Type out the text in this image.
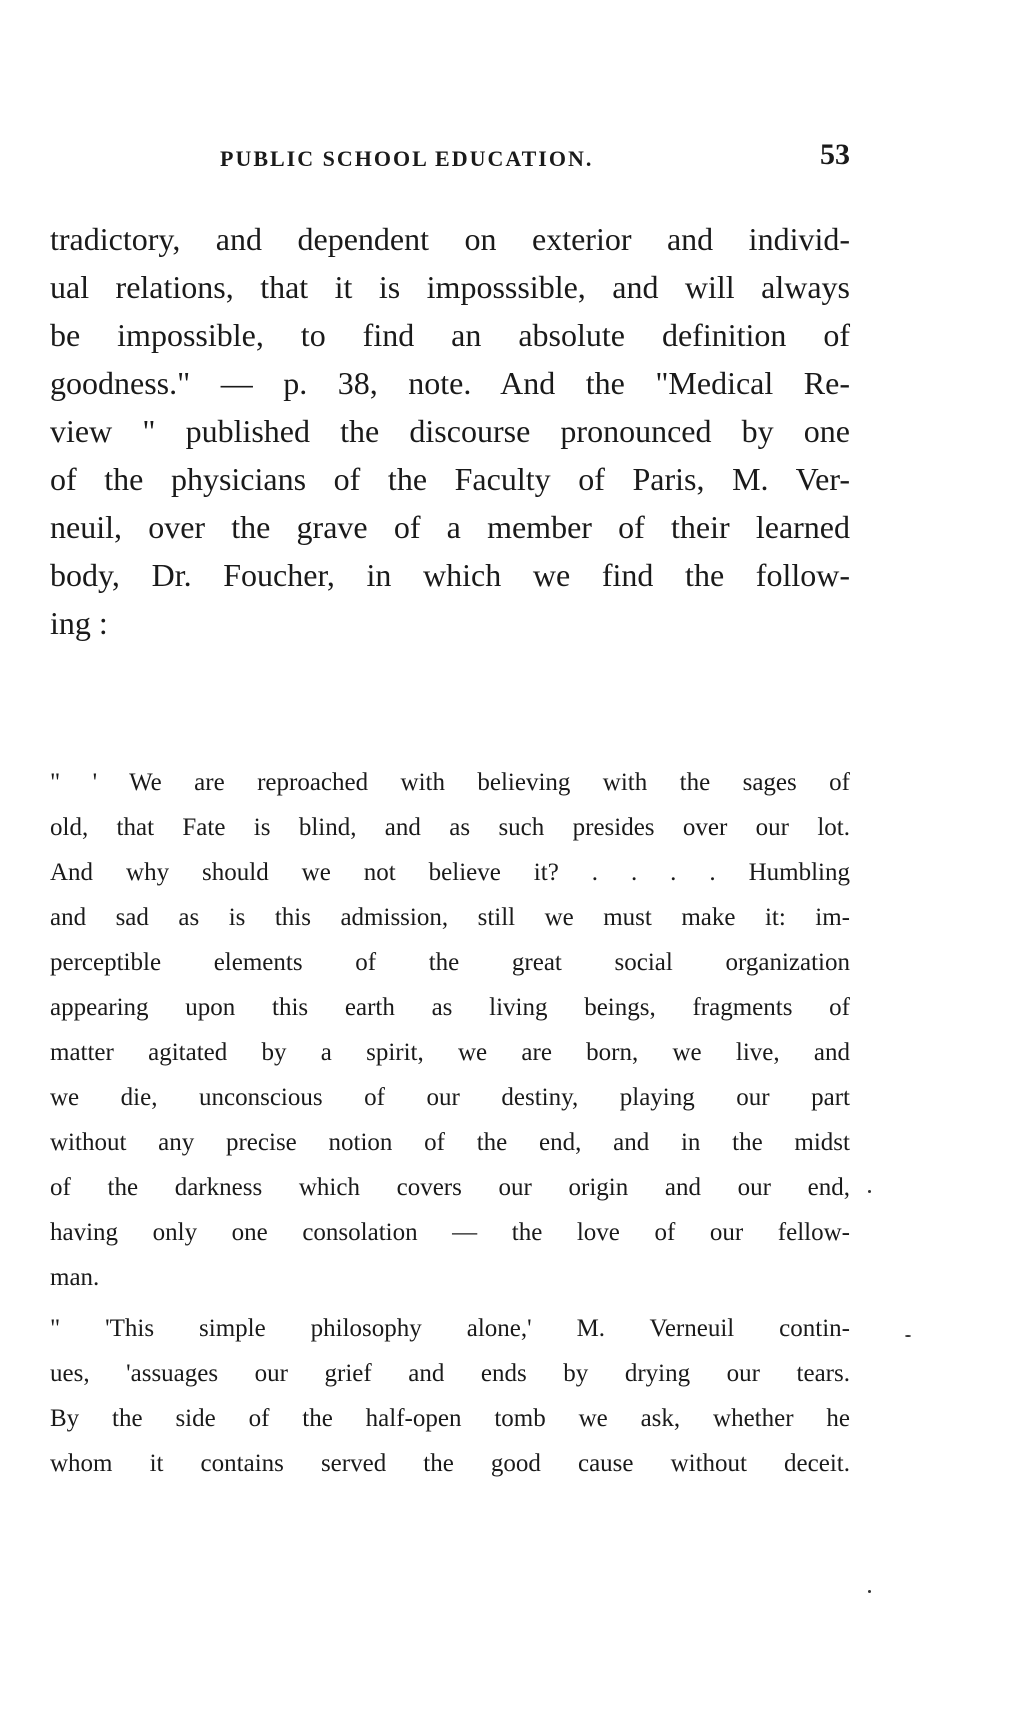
PUBLIC SCHOOL EDUCATION.	53
tradictory, and dependent on exterior and individ-
ual relations, that it is imposssible, and will always
be impossible, to find an absolute definition of
goodness." — p. 38, note. And the "Medical Re-
view " published the discourse pronounced by one
of the physicians of the Faculty of Paris, M. Ver-
neuil, over the grave of a member of their learned
body, Dr. Foucher, in which we find the follow-
ing :
" ' We are reproached with believing with the sages of
old, that Fate is blind, and as such presides over our lot.
And why should we not believe it? . . . . Humbling
and sad as is this admission, still we must make it: im-
perceptible elements of the great social organization
appearing upon this earth as living beings, fragments of
matter agitated by a spirit, we are born, we live, and
we die, unconscious of our destiny, playing our part
without any precise notion of the end, and in the midst
of the darkness which covers our origin and our end,
having only one consolation — the love of our fellow-
man.
" 'This simple philosophy alone,' M. Verneuil contin-
ues, 'assuages our grief and ends by drying our tears.
By the side of the half-open tomb we ask, whether he
whom it contains served the good cause without deceit.
